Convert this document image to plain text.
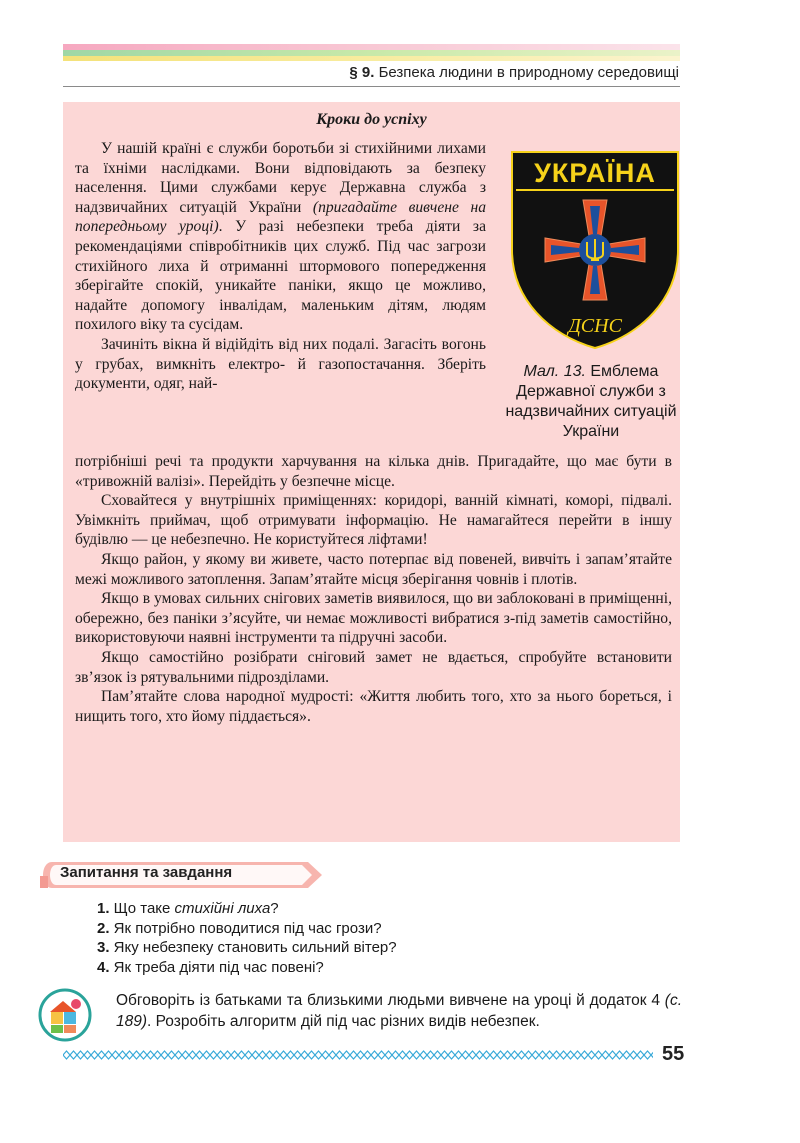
§ 9. Безпека людини в природному середовищі
Кроки до успіху

У нашій країні є служби боротьби зі стихійними лихами та їхніми наслідками. Вони відповідають за безпеку населення. Цими службами керує Державна служба з надзвичайних ситуацій України (пригадайте вивчене на попередньому уроці). У разі небезпеки треба діяти за рекомендаціями співробітників цих служб. Під час загрози стихійного лиха й отриманні штормового попередження зберігайте спокій, уникайте паніки, якщо це можливо, надайте допомогу інвалідам, маленьким дітям, людям похилого віку та сусідам.

Зачиніть вікна й відійдіть від них подалі. Загасіть вогонь у грубах, вимкніть електро- й газопостачання. Зберіть документи, одяг, най-

потрібніші речі та продукти харчування на кілька днів. Пригадайте, що має бути в «тривожній валізі». Перейдіть у безпечне місце.

Сховайтеся у внутрішніх приміщеннях: коридорі, ванній кімнаті, коморі, підвалі. Увімкніть приймач, щоб отримувати інформацію. Не намагайтеся перейти в іншу будівлю — це небезпечно. Не користуйтеся ліфтами!

Якщо район, у якому ви живете, часто потерпає від повеней, вивчіть і запам’ятайте межі можливого затоплення. Запам’ятайте місця зберігання човнів і плотів.

Якщо в умовах сильних снігових заметів виявилося, що ви заблоковані в приміщенні, обережно, без паніки з’ясуйте, чи немає можливості вибратися з-під заметів самостійно, використовуючи наявні інструменти та підручні засоби.

Якщо самостійно розібрати сніговий замет не вдається, спробуйте встановити зв’язок із рятувальними підрозділами.

Пам’ятайте слова народної мудрості: «Життя любить того, хто за нього бореться, і нищить того, хто йому піддається».

УКРАЇНА
ДСНС
Мал. 13. Емблема Державної служби з надзвичайних ситуацій України
Запитання та завдання
1. Що таке стихійні лиха?
2. Як потрібно поводитися під час грози?
3. Яку небезпеку становить сильний вітер?
4. Як треба діяти під час повені?
Обговоріть із батьками та близькими людьми вивчене на уроці й додаток 4 (с. 189). Розробіть алгоритм дій під час різних видів небезпек.
55
